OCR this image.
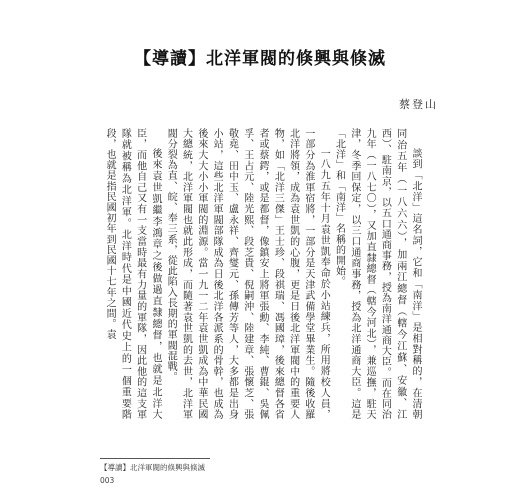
【導讀】北洋軍閥的倏興與倏滅
蔡登山

談到「北洋」這名詞，它和「南洋」是相對稱的，在清朝同治五年（一八六六），加兩江總督（轄今江蘇、安徽、江西）、駐南京，以五口通商事務，授為南洋通商大臣。而在同治九年（一八七〇），又加直隸總督（轄今河北），兼巡撫，駐天津，冬季回保定，以三口通商事務，授為北洋通商大臣。這是「北洋」和「南洋」名稱的開始。

一八九五年十月袁世凱奉命於小站練兵，所用將校人員，一部分為淮軍宿將，一部分是天津武備學堂畢業生。隨後收羅北洋將領，成為袁世凱的心腹，更是日後北洋軍閥中的重要人物，如「北洋三傑」王士珍、段祺瑞、馮國璋，後來總督各省者或蔡鍔，或是都督，像鎮安上將軍張勳、李純、曹錕、吳佩孚、王占元、陸光熙、段芝貴、倪嗣沖、陸建章、張懷芝、張敬堯、田中玉、盧永祥、齊燮元、孫傳芳等人，大多都是出身小站，這些北洋軍閥部隊成為日後北洋各派系的骨幹，也成為後來大大小小軍閥的淵源。當一九一二年袁世凱成為中華民國大總統，北洋軍閥也就此形成，而隨著袁世凱的去世，北洋軍閥分裂為直、皖、奉三系，從此陷入長期的軍閥混戰。

後來袁世凱繼李鴻章之後做過直隸總督，也就是北洋大臣，而他自己又有一支當時最有力量的軍隊，因此他的這支軍隊就被稱為北洋軍。北洋時代是中國近代史上的一個重要階段，也就是指民國初年到民國十七年之間。袁

【導讀】北洋軍閥的倏興與倏滅
003
